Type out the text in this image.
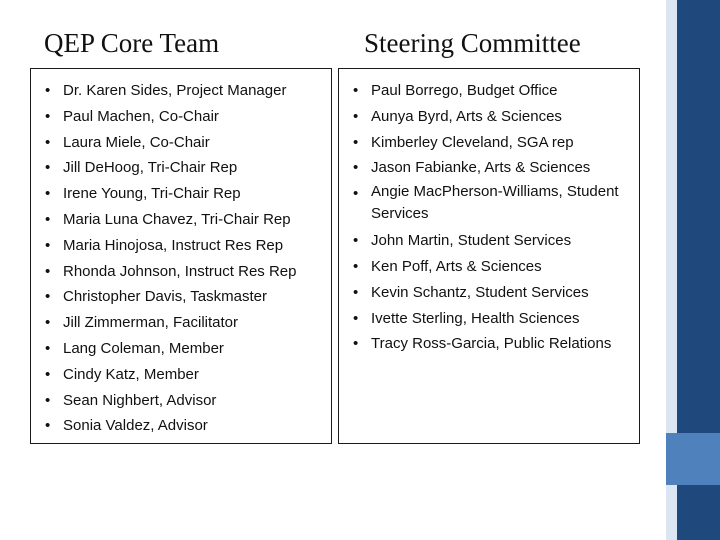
QEP Core Team	Steering Committee
• Dr. Karen Sides, Project Manager
• Paul Machen, Co-Chair
• Laura Miele, Co-Chair
• Jill DeHoog, Tri-Chair Rep
• Irene Young, Tri-Chair Rep
• Maria Luna Chavez, Tri-Chair Rep
• Maria Hinojosa, Instruct Res Rep
• Rhonda Johnson, Instruct Res Rep
• Christopher Davis, Taskmaster
• Jill Zimmerman, Facilitator
• Lang Coleman, Member
• Cindy Katz, Member
• Sean Nighbert, Advisor
• Sonia Valdez, Advisor
• Paul Borrego, Budget Office
• Aunya Byrd, Arts & Sciences
• Kimberley Cleveland, SGA rep
• Jason Fabianke, Arts & Sciences
• Angie MacPherson-Williams, Student Services
• John Martin, Student Services
• Ken Poff, Arts & Sciences
• Kevin Schantz, Student Services
• Ivette Sterling, Health Sciences
• Tracy Ross-Garcia, Public Relations
